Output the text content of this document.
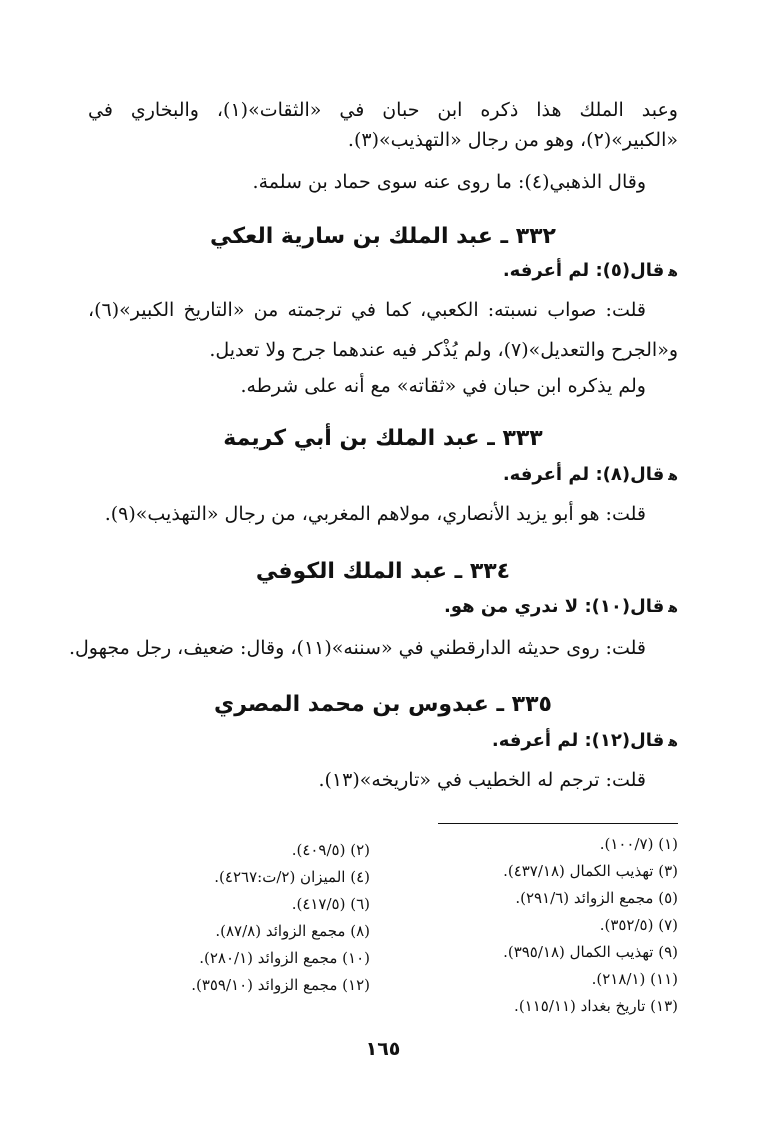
وعبد الملك هذا ذكره ابن حبان في «الثقات»(١)، والبخاري في
«الكبير»(٢)، وهو من رجال «التهذيب»(٣).
وقال الذهبي(٤): ما روى عنه سوى حماد بن سلمة.
٣٣٢ ـ عبد الملك بن سارية العكي
ﻫقال(٥): لم أعرفه.
قلت: صواب نسبته: الكعبي، كما في ترجمته من «التاريخ الكبير»(٦)،
و«الجرح والتعديل»(٧)، ولم يُذْكر فيه عندهما جرح ولا تعديل.
ولم يذكره ابن حبان في «ثقاته» مع أنه على شرطه.
٣٣٣ ـ عبد الملك بن أبي كريمة
ﻫقال(٨): لم أعرفه.
قلت: هو أبو يزيد الأنصاري، مولاهم المغربي، من رجال «التهذيب»(٩).
٣٣٤ ـ عبد الملك الكوفي
ﻫقال(١٠): لا ندري من هو.
قلت: روى حديثه الدارقطني في «سننه»(١١)، وقال: ضعيف، رجل مجهول.
٣٣٥ ـ عبدوس بن محمد المصري
ﻫقال(١٢): لم أعرفه.
قلت: ترجم له الخطيب في «تاريخه»(١٣).
(١) (١٠٠/٧).
(٣) تهذيب الكمال (٤٣٧/١٨).
(٥) مجمع الزوائد (٢٩١/٦).
(٧) (٣٥٢/٥).
(٩) تهذيب الكمال (٣٩٥/١٨).
(١١) (٢١٨/١).
(١٣) تاريخ بغداد (١١٥/١١).
(٢) (٤٠٩/٥).
(٤) الميزان (٢/ت:٤٢٦٧).
(٦) (٤١٧/٥).
(٨) مجمع الزوائد (٨٧/٨).
(١٠) مجمع الزوائد (٢٨٠/١).
(١٢) مجمع الزوائد (٣٥٩/١٠).
١٦٥
